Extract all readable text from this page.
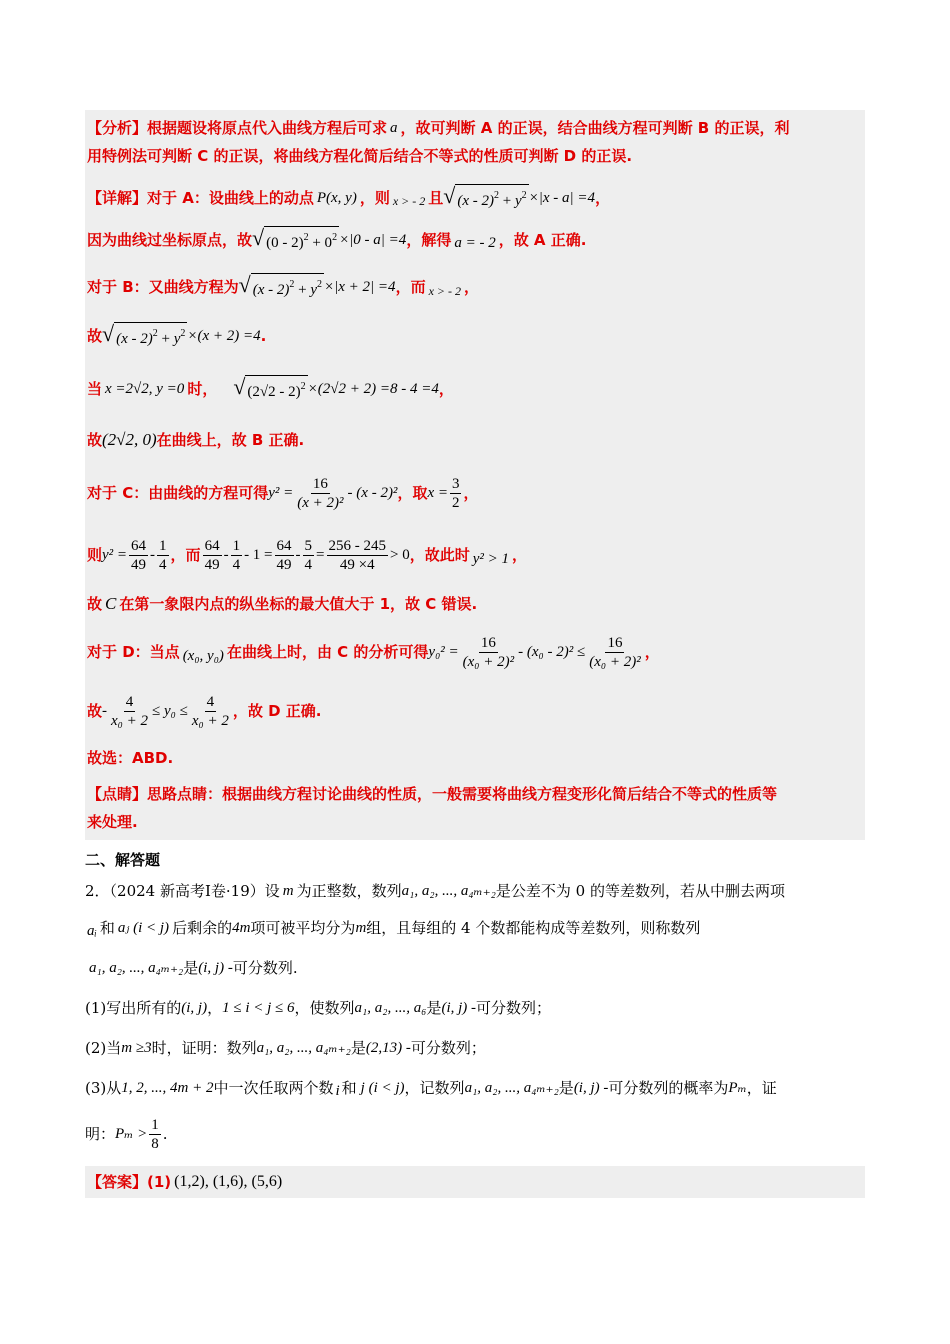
【分析】 根据题设将原点代入曲线方程后可求 a ，故可判断 A 的正误，结合曲线方程可判断 B 的正误，利
用特例法可判断 C 的正误，将曲线方程化简后结合不等式的性质可判断 D 的正误.
【详解】 对于 A：设曲线上的动点 P(x, y) ，则 x > - 2 且 √ $(x - 2)^2 + y^2 \times|x - a| =4$ ，
因为曲线过坐标原点，故 √ $(0 - 2)^2 + 0^2 \times|0 - a| =4$ ，解得 a = - 2 ，故 A 正确.
对于 B：又曲线方程为 √ $(x - 2)^2 + y^2 \times|x + 2| =4$ ，而 x > - 2 ，
故 √ $(x - 2)^2 + y^2 \times(x + 2) =4$ .
当 x =2√2, y =0 时， √ (2√2 - 2)$^2$ ×(2√2 + 2) =8 - 4 =4 ，
故 (2√2, 0) 在曲线上，故 B 正确.
对于 C：由曲线的方程可得 $y^2 = \frac{16}{\text{(x + 2)²}} - (x - 2)^2$ ，取 $x = \frac{3}{2}$ ，
则 $y^2 = \frac{64}{49} - \frac{1}{4}$ ，而 $\frac{64}{49} - \frac{1}{4} - 1 = \frac{64}{49} - \frac{5}{4} = \frac{256 - 245}{49 \times 4} > 0$ ，故此时 y² > 1 ，
故 C 在第一象限内点的纵坐标的最大值大于 1，故 C 错误.
对于 D：当点 (x₀, y₀) 在曲线上时，由 C 的分析可得 $y_0^2 = \frac{16}{\text{(x₀ + 2)²}} - (x_0 - 2)^2 \le \frac{16}{\text{(x₀ + 2)²}}$ ，
故 - $\frac{4}{\text{x₀ + 2}} \le y_0 \le \frac{4}{\text{x₀ + 2}}$ ，故 D 正确.
故选：ABD.
【点睛】 思路点睛：根据曲线方程讨论曲线的性质，一般需要将曲线方程变形化简后结合不等式的性质等
来处理.
二、解答题
2．（2024 新高考Ⅰ卷·19）设 m 为正整数，数列 a₁, a₂, ..., a₄ₘ₊₂ 是公差不为 0 的等差数列，若从中删去两项
aᵢ 和 aⱼ (i < j) 后剩余的 4m 项可被平均分为 m 组，且每组的 4 个数都能构成等差数列，则称数列
a₁, a₂, ..., a₄ₘ₊₂ 是 (i, j) - 可分数列.
(1)写出所有的 (i, j) ， 1 ≤ i < j ≤ 6 ，使数列 a₁, a₂, ..., a₆ 是 (i, j) - 可分数列；
(2)当 m ≥3 时，证明：数列 a₁, a₂, ..., a₄ₘ₊₂ 是 (2,13) - 可分数列；
(3)从 1, 2, ..., 4m + 2 中一次任取两个数 i 和 j (i < j) ，记数列 a₁, a₂, ..., a₄ₘ₊₂ 是 (i, j) - 可分数列的概率为 Pₘ ，证
明： $P_m > \frac{1}{8}$ .
【答案】 (1) (1,2), (1,6), (5,6)
